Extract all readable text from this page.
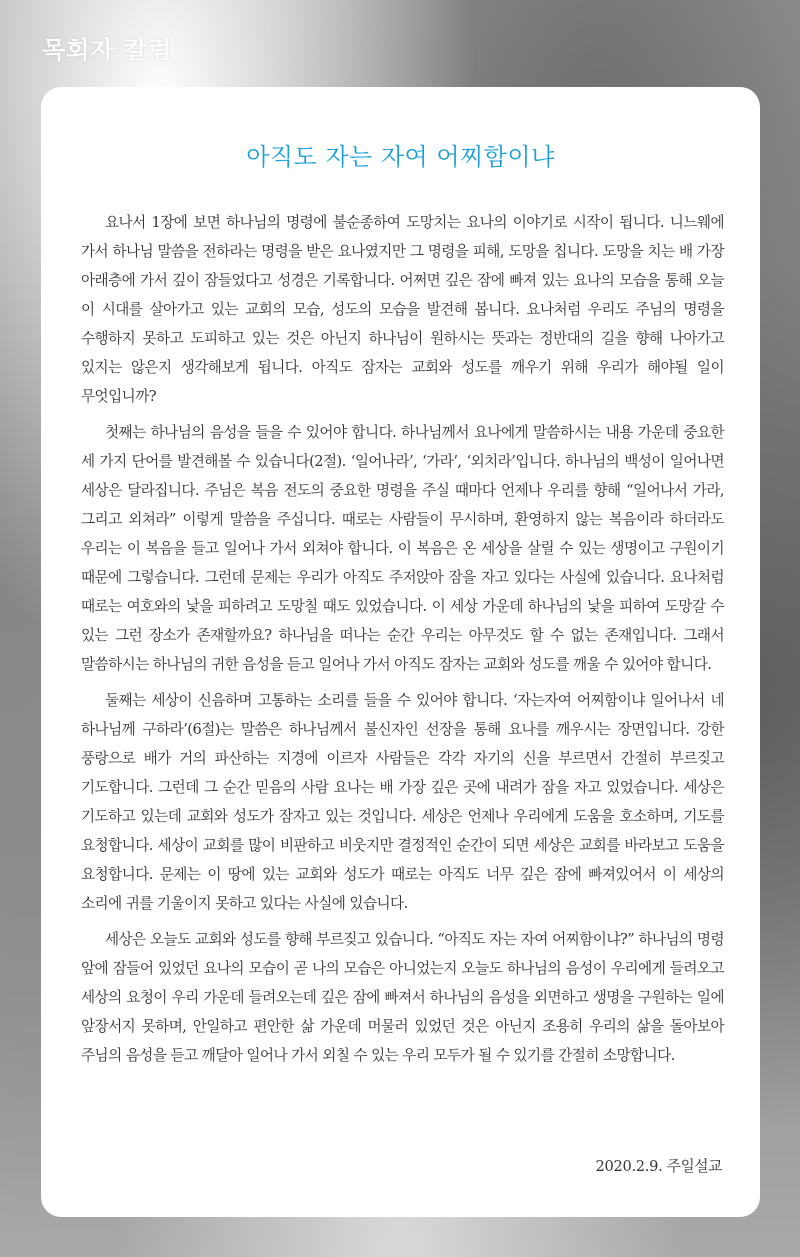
목회자 칼럼
아직도 자는 자여 어찌함이냐

요나서 1장에 보면 하나님의 명령에 불순종하여 도망치는 요나의 이야기로 시작이 됩니다. 니느웨에 가서 하나님 말씀을 전하라는 명령을 받은 요나였지만 그 명령을 피해, 도망을 칩니다. 도망을 치는 배 가장 아래층에 가서 깊이 잠들었다고 성경은 기록합니다. 어쩌면 깊은 잠에 빠져 있는 요나의 모습을 통해 오늘 이 시대를 살아가고 있는 교회의 모습, 성도의 모습을 발견해 봅니다. 요나처럼 우리도 주님의 명령을 수행하지 못하고 도피하고 있는 것은 아닌지 하나님이 원하시는 뜻과는 정반대의 길을 향해 나아가고 있지는 않은지 생각해보게 됩니다. 아직도 잠자는 교회와 성도를 깨우기 위해 우리가 해야될 일이 무엇입니까?

첫째는 하나님의 음성을 들을 수 있어야 합니다. 하나님께서 요나에게 말씀하시는 내용 가운데 중요한 세 가지 단어를 발견해볼 수 있습니다(2절). ‘일어나라’, ‘가라’, ‘외치라’입니다. 하나님의 백성이 일어나면 세상은 달라집니다. 주님은 복음 전도의 중요한 명령을 주실 때마다 언제나 우리를 향해 “일어나서 가라, 그리고 외쳐라” 이렇게 말씀을 주십니다. 때로는 사람들이 무시하며, 환영하지 않는 복음이라 하더라도 우리는 이 복음을 들고 일어나 가서 외쳐야 합니다. 이 복음은 온 세상을 살릴 수 있는 생명이고 구원이기 때문에 그렇습니다. 그런데 문제는 우리가 아직도 주저앉아 잠을 자고 있다는 사실에 있습니다. 요나처럼 때로는 여호와의 낯을 피하려고 도망칠 때도 있었습니다. 이 세상 가운데 하나님의 낯을 피하여 도망갈 수 있는 그런 장소가 존재할까요? 하나님을 떠나는 순간 우리는 아무것도 할 수 없는 존재입니다. 그래서 말씀하시는 하나님의 귀한 음성을 듣고 일어나 가서 아직도 잠자는 교회와 성도를 깨울 수 있어야 합니다.

둘째는 세상이 신음하며 고통하는 소리를 들을 수 있어야 합니다. ‘자는자여 어찌함이냐 일어나서 네 하나님께 구하라’(6절)는 말씀은 하나님께서 불신자인 선장을 통해 요나를 깨우시는 장면입니다. 강한 풍랑으로 배가 거의 파산하는 지경에 이르자 사람들은 각각 자기의 신을 부르면서 간절히 부르짖고 기도합니다. 그런데 그 순간 믿음의 사람 요나는 배 가장 깊은 곳에 내려가 잠을 자고 있었습니다. 세상은 기도하고 있는데 교회와 성도가 잠자고 있는 것입니다. 세상은 언제나 우리에게 도움을 호소하며, 기도를 요청합니다. 세상이 교회를 많이 비판하고 비웃지만 결정적인 순간이 되면 세상은 교회를 바라보고 도움을 요청합니다. 문제는 이 땅에 있는 교회와 성도가 때로는 아직도 너무 깊은 잠에 빠져있어서 이 세상의 소리에 귀를 기울이지 못하고 있다는 사실에 있습니다.

세상은 오늘도 교회와 성도를 향해 부르짖고 있습니다. “아직도 자는 자여 어찌함이냐?” 하나님의 명령 앞에 잠들어 있었던 요나의 모습이 곧 나의 모습은 아니었는지 오늘도 하나님의 음성이 우리에게 들려오고 세상의 요청이 우리 가운데 들려오는데 깊은 잠에 빠져서 하나님의 음성을 외면하고 생명을 구원하는 일에 앞장서지 못하며, 안일하고 편안한 삶 가운데 머물러 있었던 것은 아닌지 조용히 우리의 삶을 돌아보아 주님의 음성을 듣고 깨달아 일어나 가서 외칠 수 있는 우리 모두가 될 수 있기를 간절히 소망합니다.

2020.2.9. 주일설교
